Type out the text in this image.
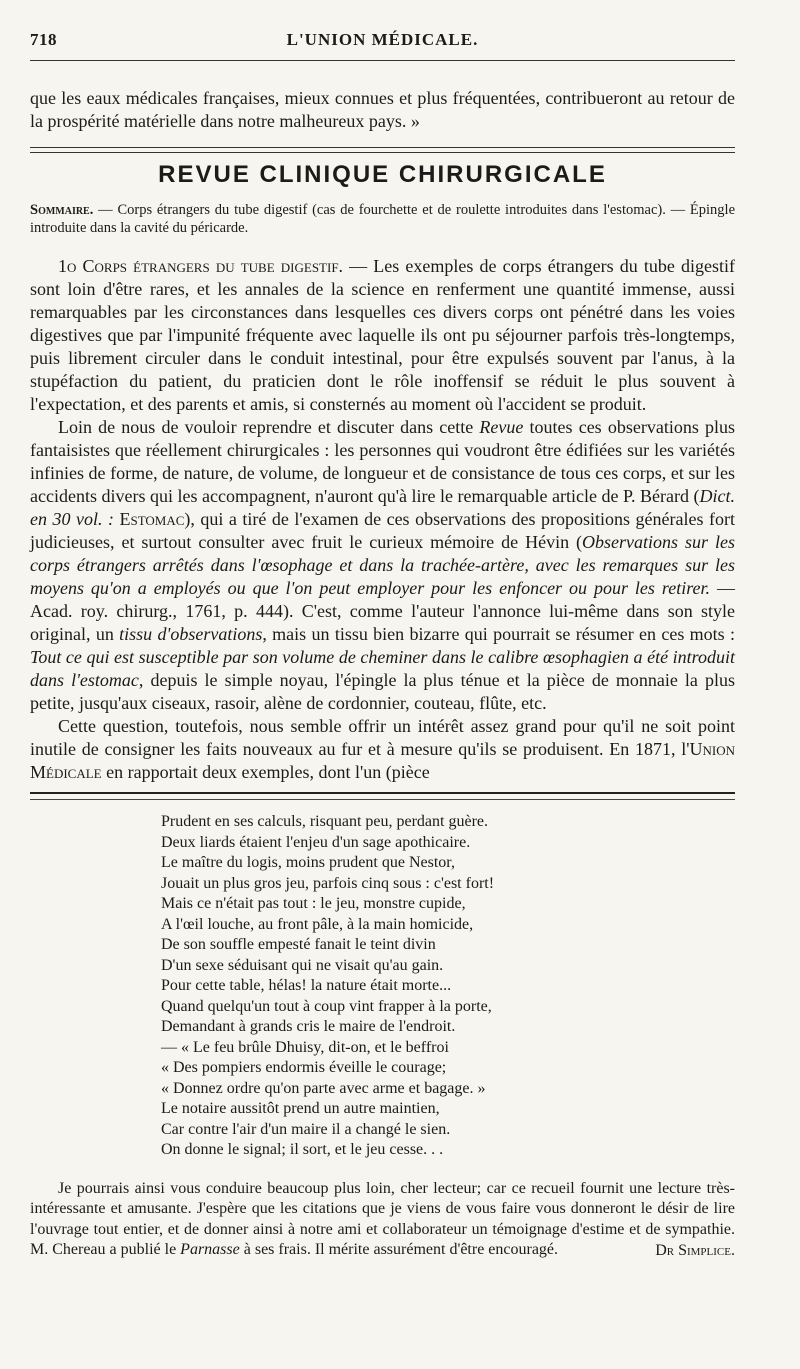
718	L'UNION MÉDICALE.

que les eaux médicales françaises, mieux connues et plus fréquentées, contribueront au retour de la prospérité matérielle dans notre malheureux pays. »

REVUE CLINIQUE CHIRURGICALE
Sommaire. — Corps étrangers du tube digestif (cas de fourchette et de roulette introduites dans l'estomac). — Épingle introduite dans la cavité du péricarde.

1o Corps étrangers du tube digestif. — Les exemples de corps étrangers du tube digestif sont loin d'être rares, et les annales de la science en renferment une quantité immense, aussi remarquables par les circonstances dans lesquelles ces divers corps ont pénétré dans les voies digestives que par l'impunité fréquente avec laquelle ils ont pu séjourner parfois très-longtemps, puis librement circuler dans le conduit intestinal, pour être expulsés souvent par l'anus, à la stupéfaction du patient, du praticien dont le rôle inoffensif se réduit le plus souvent à l'expectation, et des parents et amis, si consternés au moment où l'accident se produit.

Loin de nous de vouloir reprendre et discuter dans cette Revue toutes ces observations plus fantaisistes que réellement chirurgicales : les personnes qui voudront être édifiées sur les variétés infinies de forme, de nature, de volume, de longueur et de consistance de tous ces corps, et sur les accidents divers qui les accompagnent, n'auront qu'à lire le remarquable article de P. Bérard (Dict. en 30 vol. : Estomac), qui a tiré de l'examen de ces observations des propositions générales fort judicieuses, et surtout consulter avec fruit le curieux mémoire de Hévin (Observations sur les corps étrangers arrêtés dans l'œsophage et dans la trachée-artère, avec les remarques sur les moyens qu'on a employés ou que l'on peut employer pour les enfoncer ou pour les retirer. — Acad. roy. chirurg., 1761, p. 444). C'est, comme l'auteur l'annonce lui-même dans son style original, un tissu d'observations, mais un tissu bien bizarre qui pourrait se résumer en ces mots : Tout ce qui est susceptible par son volume de cheminer dans le calibre œsophagien a été introduit dans l'estomac, depuis le simple noyau, l'épingle la plus ténue et la pièce de monnaie la plus petite, jusqu'aux ciseaux, rasoir, alène de cordonnier, couteau, flûte, etc.

Cette question, toutefois, nous semble offrir un intérêt assez grand pour qu'il ne soit point inutile de consigner les faits nouveaux au fur et à mesure qu'ils se produisent. En 1871, l'Union Médicale en rapportait deux exemples, dont l'un (pièce

Prudent en ses calculs, risquant peu, perdant guère.
Deux liards étaient l'enjeu d'un sage apothicaire.
Le maître du logis, moins prudent que Nestor,
Jouait un plus gros jeu, parfois cinq sous : c'est fort!
Mais ce n'était pas tout : le jeu, monstre cupide,
A l'œil louche, au front pâle, à la main homicide,
De son souffle empesté fanait le teint divin
D'un sexe séduisant qui ne visait qu'au gain.
Pour cette table, hélas! la nature était morte...
Quand quelqu'un tout à coup vint frapper à la porte,
Demandant à grands cris le maire de l'endroit.
— « Le feu brûle Dhuisy, dit-on, et le beffroi
« Des pompiers endormis éveille le courage;
« Donnez ordre qu'on parte avec arme et bagage. »
Le notaire aussitôt prend un autre maintien,
Car contre l'air d'un maire il a changé le sien.
On donne le signal; il sort, et le jeu cesse. . .

Je pourrais ainsi vous conduire beaucoup plus loin, cher lecteur; car ce recueil fournit une lecture très-intéressante et amusante. J'espère que les citations que je viens de vous faire vous donneront le désir de lire l'ouvrage tout entier, et de donner ainsi à notre ami et collaborateur un témoignage d'estime et de sympathie. M. Chereau a publié le Parnasse à ses frais. Il mérite assurément d'être encouragé.	Dr Simplice.
